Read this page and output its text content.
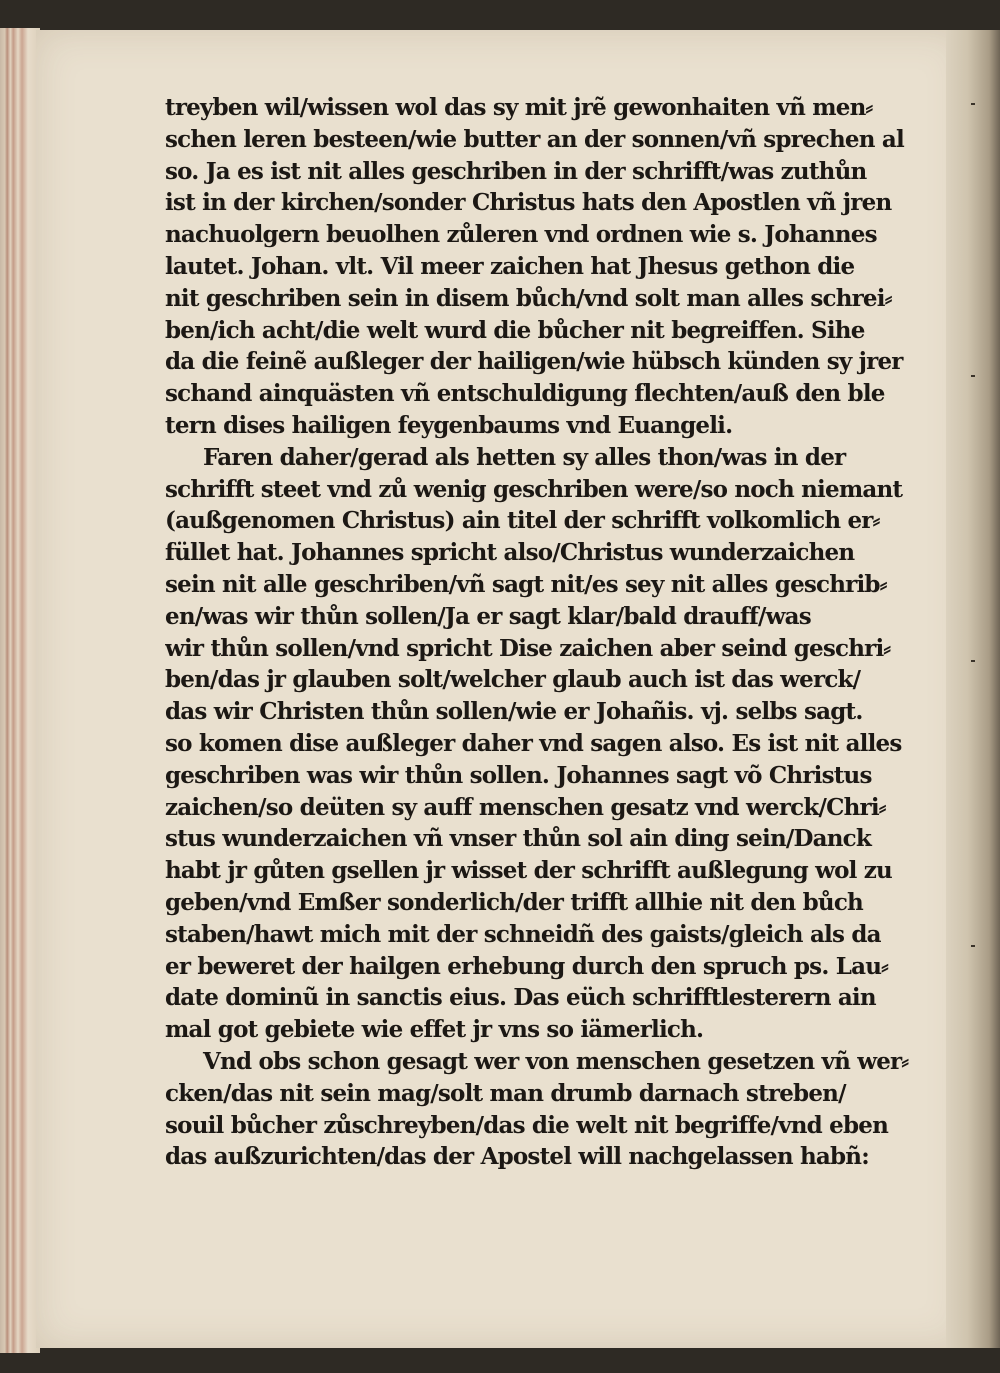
treyben wil/wissen wol das sy mit jrẽ gewonhaiten vñ men⸗
schen leren besteen/wie butter an der sonnen/vñ sprechen al
so. Ja es ist nit alles geschriben in der schrifft/was zuthůn
ist in der kirchen/sonder Christus hats den Apostlen vñ jren
nachuolgern beuolhen zůleren vnd ordnen wie s. Johannes
lautet. Johan. vlt. Vil meer zaichen hat Jhesus gethon die
nit geschriben sein in disem bůch/vnd solt man alles schrei⸗
ben/ich acht/die welt wurd die bůcher nit begreiffen. Sihe
da die feinẽ außleger der hailigen/wie hübsch künden sy jrer
schand ainquästen vñ entschuldigung flechten/auß den ble
tern dises hailigen feygenbaums vnd Euangeli.
Faren daher/gerad als hetten sy alles thon/was in der
schrifft steet vnd zů wenig geschriben were/so noch niemant
(außgenomen Christus) ain titel der schrifft volkomlich er⸗
füllet hat. Johannes spricht also/Christus wunderzaichen
sein nit alle geschriben/vñ sagt nit/es sey nit alles geschrib⸗
en/was wir thůn sollen/Ja er sagt klar/bald drauff/was
wir thůn sollen/vnd spricht Dise zaichen aber seind geschri⸗
ben/das jr glauben solt/welcher glaub auch ist das werck/
das wir Christen thůn sollen/wie er Johañis. vj. selbs sagt.
so komen dise außleger daher vnd sagen also. Es ist nit alles
geschriben was wir thůn sollen. Johannes sagt võ Christus
zaichen/so deüten sy auff menschen gesatz vnd werck/Chri⸗
stus wunderzaichen vñ vnser thůn sol ain ding sein/Danck
habt jr gůten gsellen jr wisset der schrifft außlegung wol zu
geben/vnd Emßer sonderlich/der trifft allhie nit den bůch
staben/hawt mich mit der schneidñ des gaists/gleich als da
er beweret der hailgen erhebung durch den spruch ps. Lau⸗
date dominũ in sanctis eius. Das eüch schrifftlesterern ain
mal got gebiete wie effet jr vns so iämerlich.
Vnd obs schon gesagt wer von menschen gesetzen vñ wer⸗
cken/das nit sein mag/solt man drumb darnach streben/
souil bůcher zůschreyben/das die welt nit begriffe/vnd eben
das außzurichten/das der Apostel will nachgelassen habñ:
